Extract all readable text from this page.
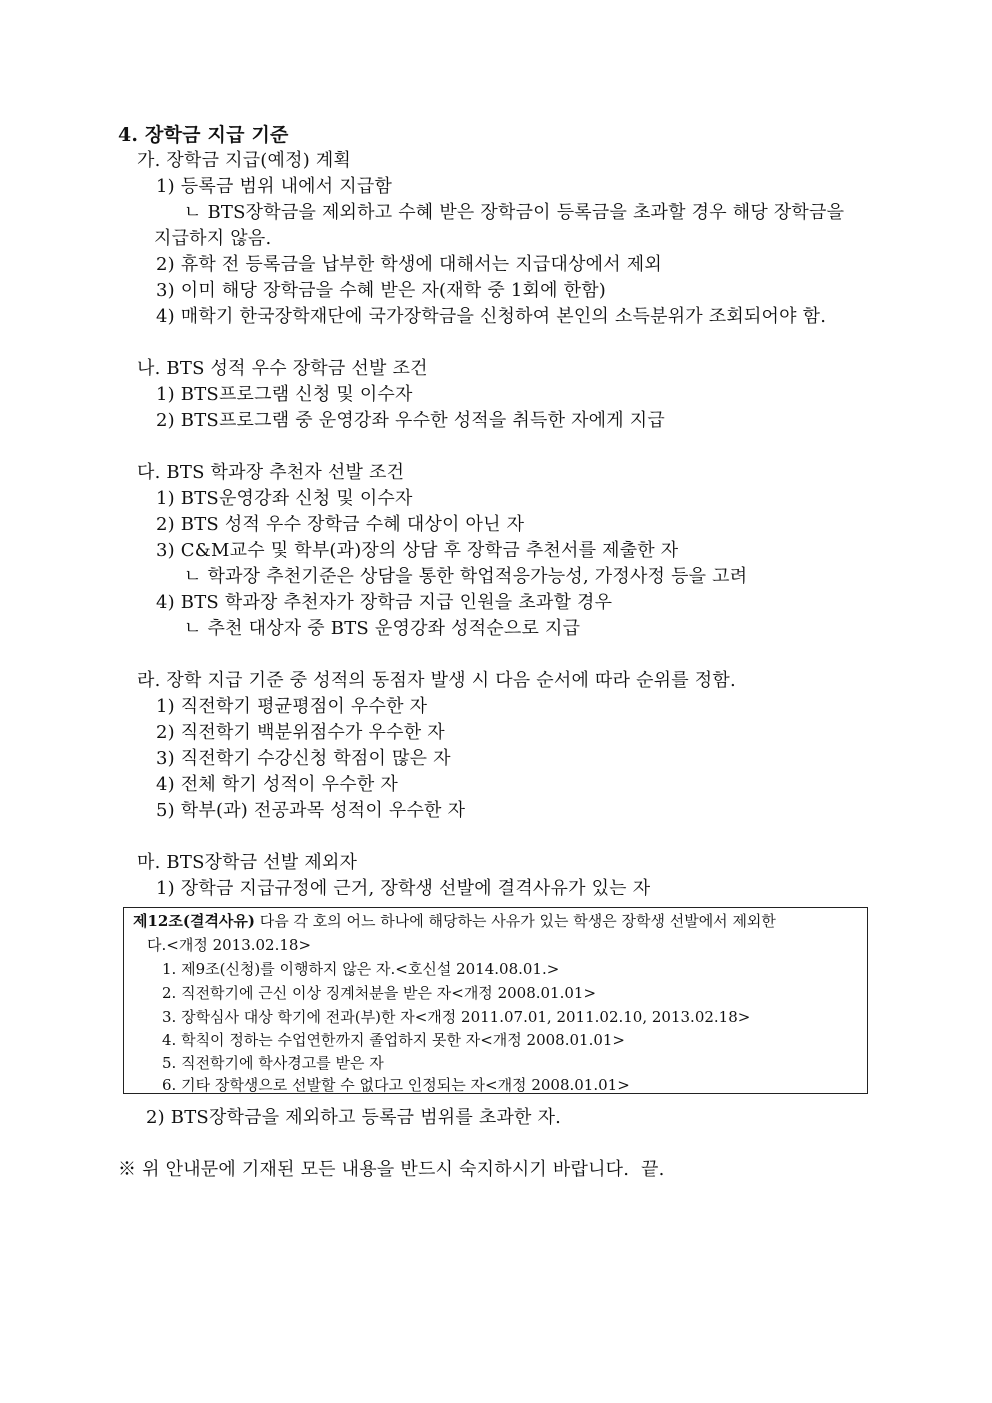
4. 장학금 지급 기준
가. 장학금 지급(예정) 계획
1) 등록금 범위 내에서 지급함
ㄴ BTS장학금을 제외하고 수혜 받은 장학금이 등록금을 초과할 경우 해당 장학금을
지급하지 않음.
2) 휴학 전 등록금을 납부한 학생에 대해서는 지급대상에서 제외
3) 이미 해당 장학금을 수혜 받은 자(재학 중 1회에 한함)
4) 매학기 한국장학재단에 국가장학금을 신청하여 본인의 소득분위가 조회되어야 함.
나. BTS 성적 우수 장학금 선발 조건
1) BTS프로그램 신청 및 이수자
2) BTS프로그램 중 운영강좌 우수한 성적을 취득한 자에게 지급
다. BTS 학과장 추천자 선발 조건
1) BTS운영강좌 신청 및 이수자
2) BTS 성적 우수 장학금 수혜 대상이 아닌 자
3) C&M교수 및 학부(과)장의 상담 후 장학금 추천서를 제출한 자
ㄴ 학과장 추천기준은 상담을 통한 학업적응가능성, 가정사정 등을 고려
4) BTS 학과장 추천자가 장학금 지급 인원을 초과할 경우
ㄴ 추천 대상자 중 BTS 운영강좌 성적순으로 지급
라. 장학 지급 기준 중 성적의 동점자 발생 시 다음 순서에 따라 순위를 정함.
1) 직전학기 평균평점이 우수한 자
2) 직전학기 백분위점수가 우수한 자
3) 직전학기 수강신청 학점이 많은 자
4) 전체 학기 성적이 우수한 자
5) 학부(과) 전공과목 성적이 우수한 자
마. BTS장학금 선발 제외자
1) 장학금 지급규정에 근거, 장학생 선발에 결격사유가 있는 자
제12조(결격사유) 다음 각 호의 어느 하나에 해당하는 사유가 있는 학생은 장학생 선발에서 제외한
다.<개정 2013.02.18>
1. 제9조(신청)를 이행하지 않은 자.<호신설 2014.08.01.>
2. 직전학기에 근신 이상 징계처분을 받은 자<개정 2008.01.01>
3. 장학심사 대상 학기에 전과(부)한 자<개정 2011.07.01, 2011.02.10, 2013.02.18>
4. 학칙이 정하는 수업연한까지 졸업하지 못한 자<개정 2008.01.01>
5. 직전학기에 학사경고를 받은 자
6. 기타 장학생으로 선발할 수 없다고 인정되는 자<개정 2008.01.01>
2) BTS장학금을 제외하고 등록금 범위를 초과한 자.
※ 위 안내문에 기재된 모든 내용을 반드시 숙지하시기 바랍니다. 끝.
